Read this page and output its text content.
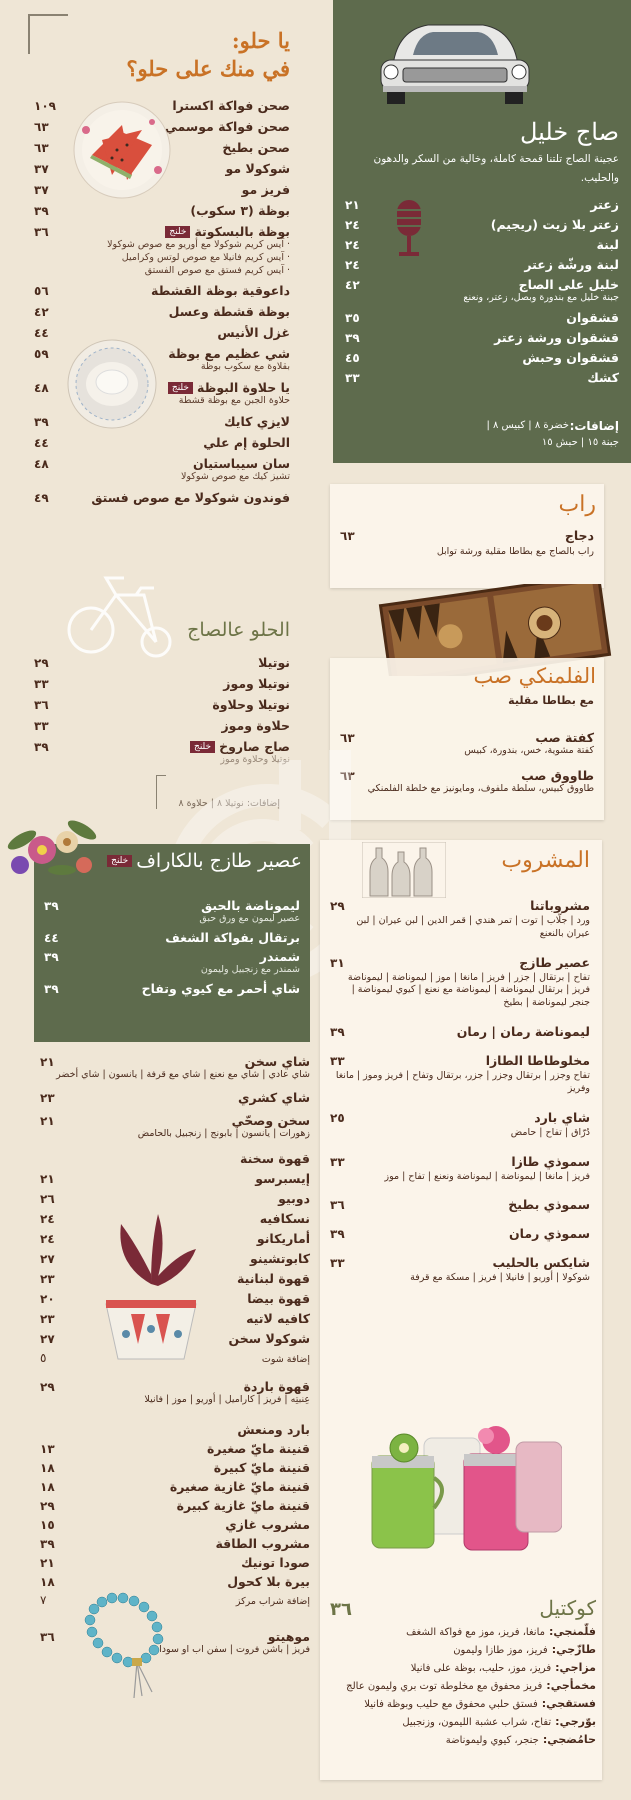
يا حلو:
في منك على حلو؟
صحن فواكة اكسترا
١٠٩
صحن فواكة موسمي
٦٣
صحن بطيخ
٦٣
شوكولا مو
٣٧
فريز مو
٣٧
بوظة (٣ سكوب)
٣٩
بوظة بالبسكوتة
خلنج
٣٦
· آيس كريم شوكولا مع أوريو مع صوص شوكولا
· آيس كريم فانيلا مع صوص لوتس وكراميل
· آيس كريم فستق مع صوص الفستق
داعوقية بوظة القشطة
٥٦
بوظة قشطة وعسل
٤٢
غزل الأنيس
٤٤
شي عظيم مع بوظة
٥٩
بقلاوة مع سكوب بوظة
يا حلاوة البوظة
خلنج
٤٨
حلاوة الجبن مع بوظة قشطة
لايزي كايك
٣٩
الحلوة إم علي
٤٤
سان سيباستيان
٤٨
تشيز كيك مع صوص شوكولا
فوندون شوكولا مع صوص فستق
٤٩
الحلو عالصاج
نوتيلا
٢٩
نوتيلا وموز
٣٣
نوتيلا وحلاوة
٣٦
حلاوة وموز
٣٣
صاج صاروخ
خلنج
٣٩
نوتيلا وحلاوة وموز
إضافات: نوتيلا ٨ | حلاوة ٨
صاج خليل
عجينة الصاج تلتنا قمحة كاملة، وخالية من السكر والدهون والحليب.
زعتر
٢١
زعتر بلا زيت (ريجيم)
٢٤
لبنة
٢٤
لبنة ورشّة زعتر
٢٤
خليل على الصاج
٤٢
جبنة خليل مع بندورة وبصل، زعتر، ونعنع
قشقوان
٣٥
قشقوان ورشة زعتر
٣٩
قشقوان وحبش
٤٥
كشك
٣٣
إضافات:
خضرة ٨ | كبيس ٨ |
جبنة ١٥ | حبش ١٥
راب
دجاج
٦٣
راب بالصاج مع بطاطا مقلية ورشة توابل
الفلمنكي صب
مع بطاطا مقلية
كفتة صب
٦٣
كفتة مشوية، خس، بندورة، كبيس
طاووق صب
٦٣
طاووق كبيس، سلطة ملفوف، ومايونيز مع خلطة الفلمنكي
عصير طازج بالكاراف
خلنج
ليموناضة بالحبق
٣٩
عصير ليمون مع ورق حبق
برتقال بفواكة الشغف
٤٤
شمندر
٣٩
شمندر مع زنجبيل وليمون
شاي أحمر مع كيوي وتفاح
٣٩
شاي سخن
٢١
شاي عادي | شاي مع نعنع | شاي مع قرفة | يانسون | شاي أخضر
شاي كشري
٢٣
سخن وصحّي
٢١
زهورات | يانسون | بابونج | زنجبيل بالحامض
قهوة سخنة
إيسبرسو
٢١
دوبيو
٢٦
نسكافيه
٢٤
أماريكانو
٢٤
كابوتشينو
٢٧
قهوة لبنانية
٢٣
قهوة بيضا
٢٠
كافيه لاتيه
٢٣
شوكولا سخن
٢٧
إضافة شوت
٥
قهوة باردة
٢٩
عِنبتِه | فريز | كاراميل | أوريو | موز | فانيلا
بارد ومنعش
قنينة مايّ صغيرة
١٣
قنينة مايّ كبيرة
١٨
قنينة مايّ غازية صغيرة
١٨
قنينة مايّ غازية كبيرة
٢٩
مشروب غازي
١٥
مشروب الطاقة
٣٩
صودا تونيك
٢١
بيرة بلا كحول
١٨
إضافة شراب مركز
٧
موهيتو
٣٦
فريز | باشن فروت | سفن اب او سودا
المشروب
مشروباتنا
٢٩
ورد | جلّاب | توت | تمر هندي | قمر الدين | لبن عيران | لبن عيران بالنعنع
عصير طازج
٣١
تفاح | برتقال | جزر | فريز | مانغا | موز | ليموناضة | ليموناضة فريز | برتقال ليموناضة | ليموناضة مع نعنع | كيوي ليموناضة | جنجر ليموناضة | بطيخ
ليموناضة رمان | رمان
٣٩
مخلوطاطا الطازا
٣٣
تفاح وجزر | برتقال وجزر | جزر، برتقال وتفاح | فريز وموز | مانغا وفريز
شاي بارد
٢٥
دُرّاق | تفاح | حامض
سموذي طازا
٣٣
فريز | مانغا | ليموناضة | ليموناضة ونعنع | تفاح | موز
سموذي بطيخ
٣٦
سموذي رمان
٣٩
شايكس بالحليب
٣٣
شوكولا | أوريو | فانيلا | فريز | مسكة مع قرفة
كوكتيل
٣٦
فلّمنجي:مانغا، فريز، موز مع فواكة الشغف
طازّجي:فريز، موز طازا وليمون
مزاجي:فريز، موز، حليب، بوظة على فانيلا
مخمأجي:فريز محفوق مع مخلوطة توت بري وليمون عالج
فستقجي:فستق حلبي محفوق مع حليب وبوظة فانيلا
بوّرجي:تفاح، شراب عشبة الليمون، وزنجبيل
حامُضجي:جنجر، كيوي وليموناضة
